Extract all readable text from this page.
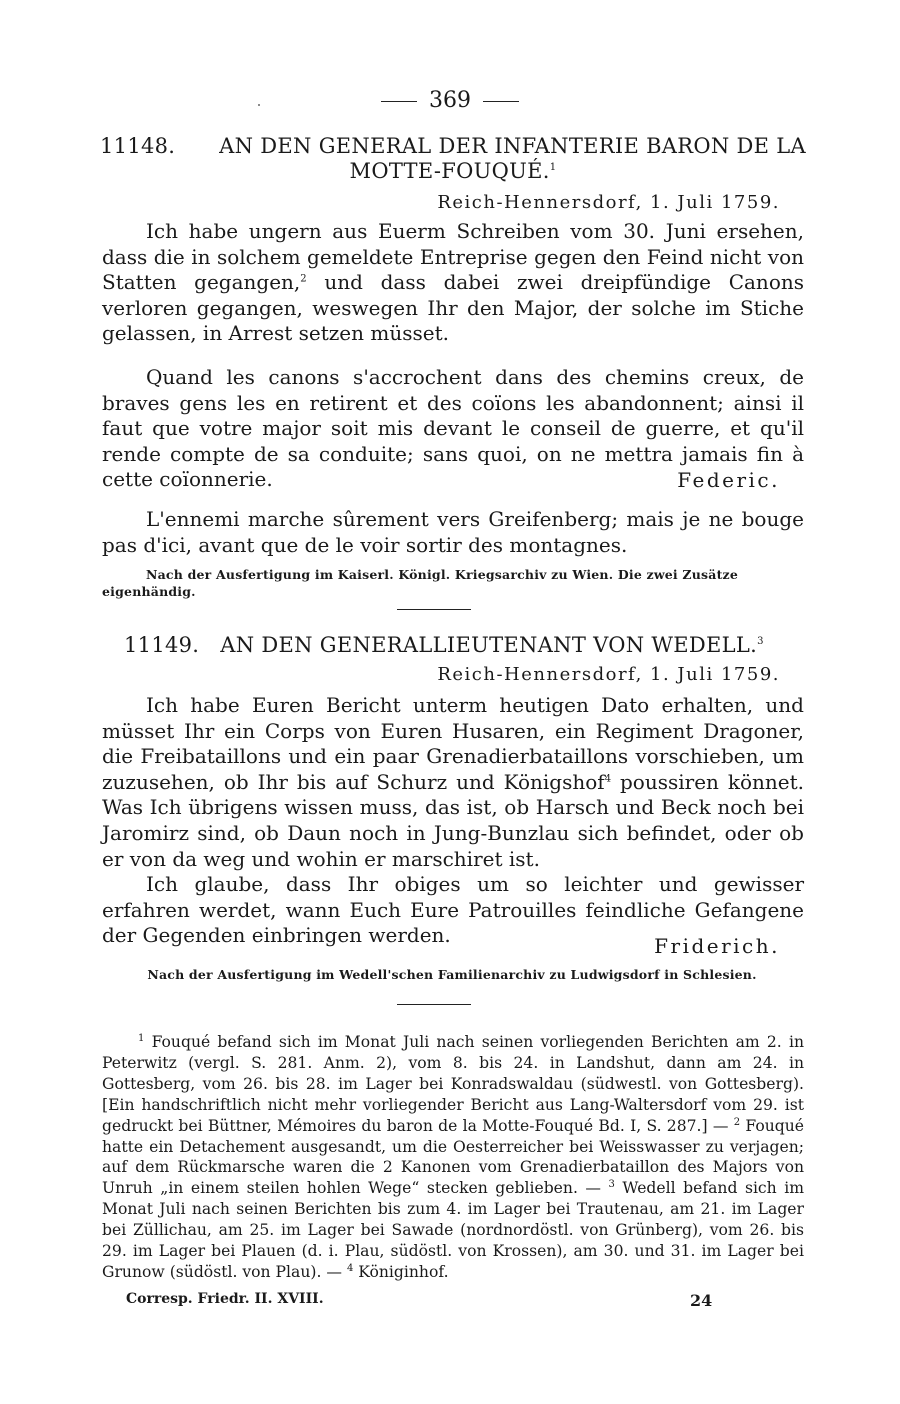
369
11148. AN DEN GENERAL DER INFANTERIE BARON DE LA
MOTTE-FOUQUÉ.$^1$
Reich-Hennersdorf, 1. Juli 1759.
Ich habe ungern aus Euerm Schreiben vom 30. Juni ersehen, dass die in solchem gemeldete Entreprise gegen den Feind nicht von Statten gegangen,$^2$ und dass dabei zwei dreipfündige Canons verloren gegangen, weswegen Ihr den Major, der solche im Stiche gelassen, in Arrest setzen müsset.
Quand les canons s'accrochent dans des chemins creux, de braves gens les en retirent et des coïons les abandonnent; ainsi il faut que votre major soit mis devant le conseil de guerre, et qu'il rende compte de sa conduite; sans quoi, on ne mettra jamais fin à cette coïonnerie.	Federic.
L'ennemi marche sûrement vers Greifenberg; mais je ne bouge pas d'ici, avant que de le voir sortir des montagnes.
Nach der Ausfertigung im Kaiserl. Königl. Kriegsarchiv zu Wien. Die zwei Zusätze eigenhändig.
11149. AN DEN GENERALLIEUTENANT VON WEDELL.$^3$
Reich-Hennersdorf, 1. Juli 1759.
Ich habe Euren Bericht unterm heutigen Dato erhalten, und müsset Ihr ein Corps von Euren Husaren, ein Regiment Dragoner, die Freibataillons und ein paar Grenadierbataillons vorschieben, um zuzusehen, ob Ihr bis auf Schurz und Königshof$^4$ poussiren könnet. Was Ich übrigens wissen muss, das ist, ob Harsch und Beck noch bei Jaromirz sind, ob Daun noch in Jung-Bunzlau sich befindet, oder ob er von da weg und wohin er marschiret ist.
Ich glaube, dass Ihr obiges um so leichter und gewisser erfahren werdet, wann Euch Eure Patrouilles feindliche Gefangene der Gegenden einbringen werden.	Friderich.
Nach der Ausfertigung im Wedell'schen Familienarchiv zu Ludwigsdorf in Schlesien.

$^1$ Fouqué befand sich im Monat Juli nach seinen vorliegenden Berichten am 2. in Peterwitz (vergl. S. 281. Anm. 2), vom 8. bis 24. in Landshut, dann am 24. in Gottesberg, vom 26. bis 28. im Lager bei Konradswaldau (südwestl. von Gottesberg). [Ein handschriftlich nicht mehr vorliegender Bericht aus Lang-Waltersdorf vom 29. ist gedruckt bei Büttner, Mémoires du baron de la Motte-Fouqué Bd. I, S. 287.] — $^2$ Fouqué hatte ein Detachement ausgesandt, um die Oesterreicher bei Weisswasser zu verjagen; auf dem Rückmarsche waren die 2 Kanonen vom Grenadierbataillon des Majors von Unruh „in einem steilen hohlen Wege“ stecken geblieben. — $^3$ Wedell befand sich im Monat Juli nach seinen Berichten bis zum 4. im Lager bei Trautenau, am 21. im Lager bei Züllichau, am 25. im Lager bei Sawade (nordnordöstl. von Grünberg), vom 26. bis 29. im Lager bei Plauen (d. i. Plau, südöstl. von Krossen), am 30. und 31. im Lager bei Grunow (südöstl. von Plau). — $^4$ Königinhof.

Corresp. Friedr. II. XVIII.	24
